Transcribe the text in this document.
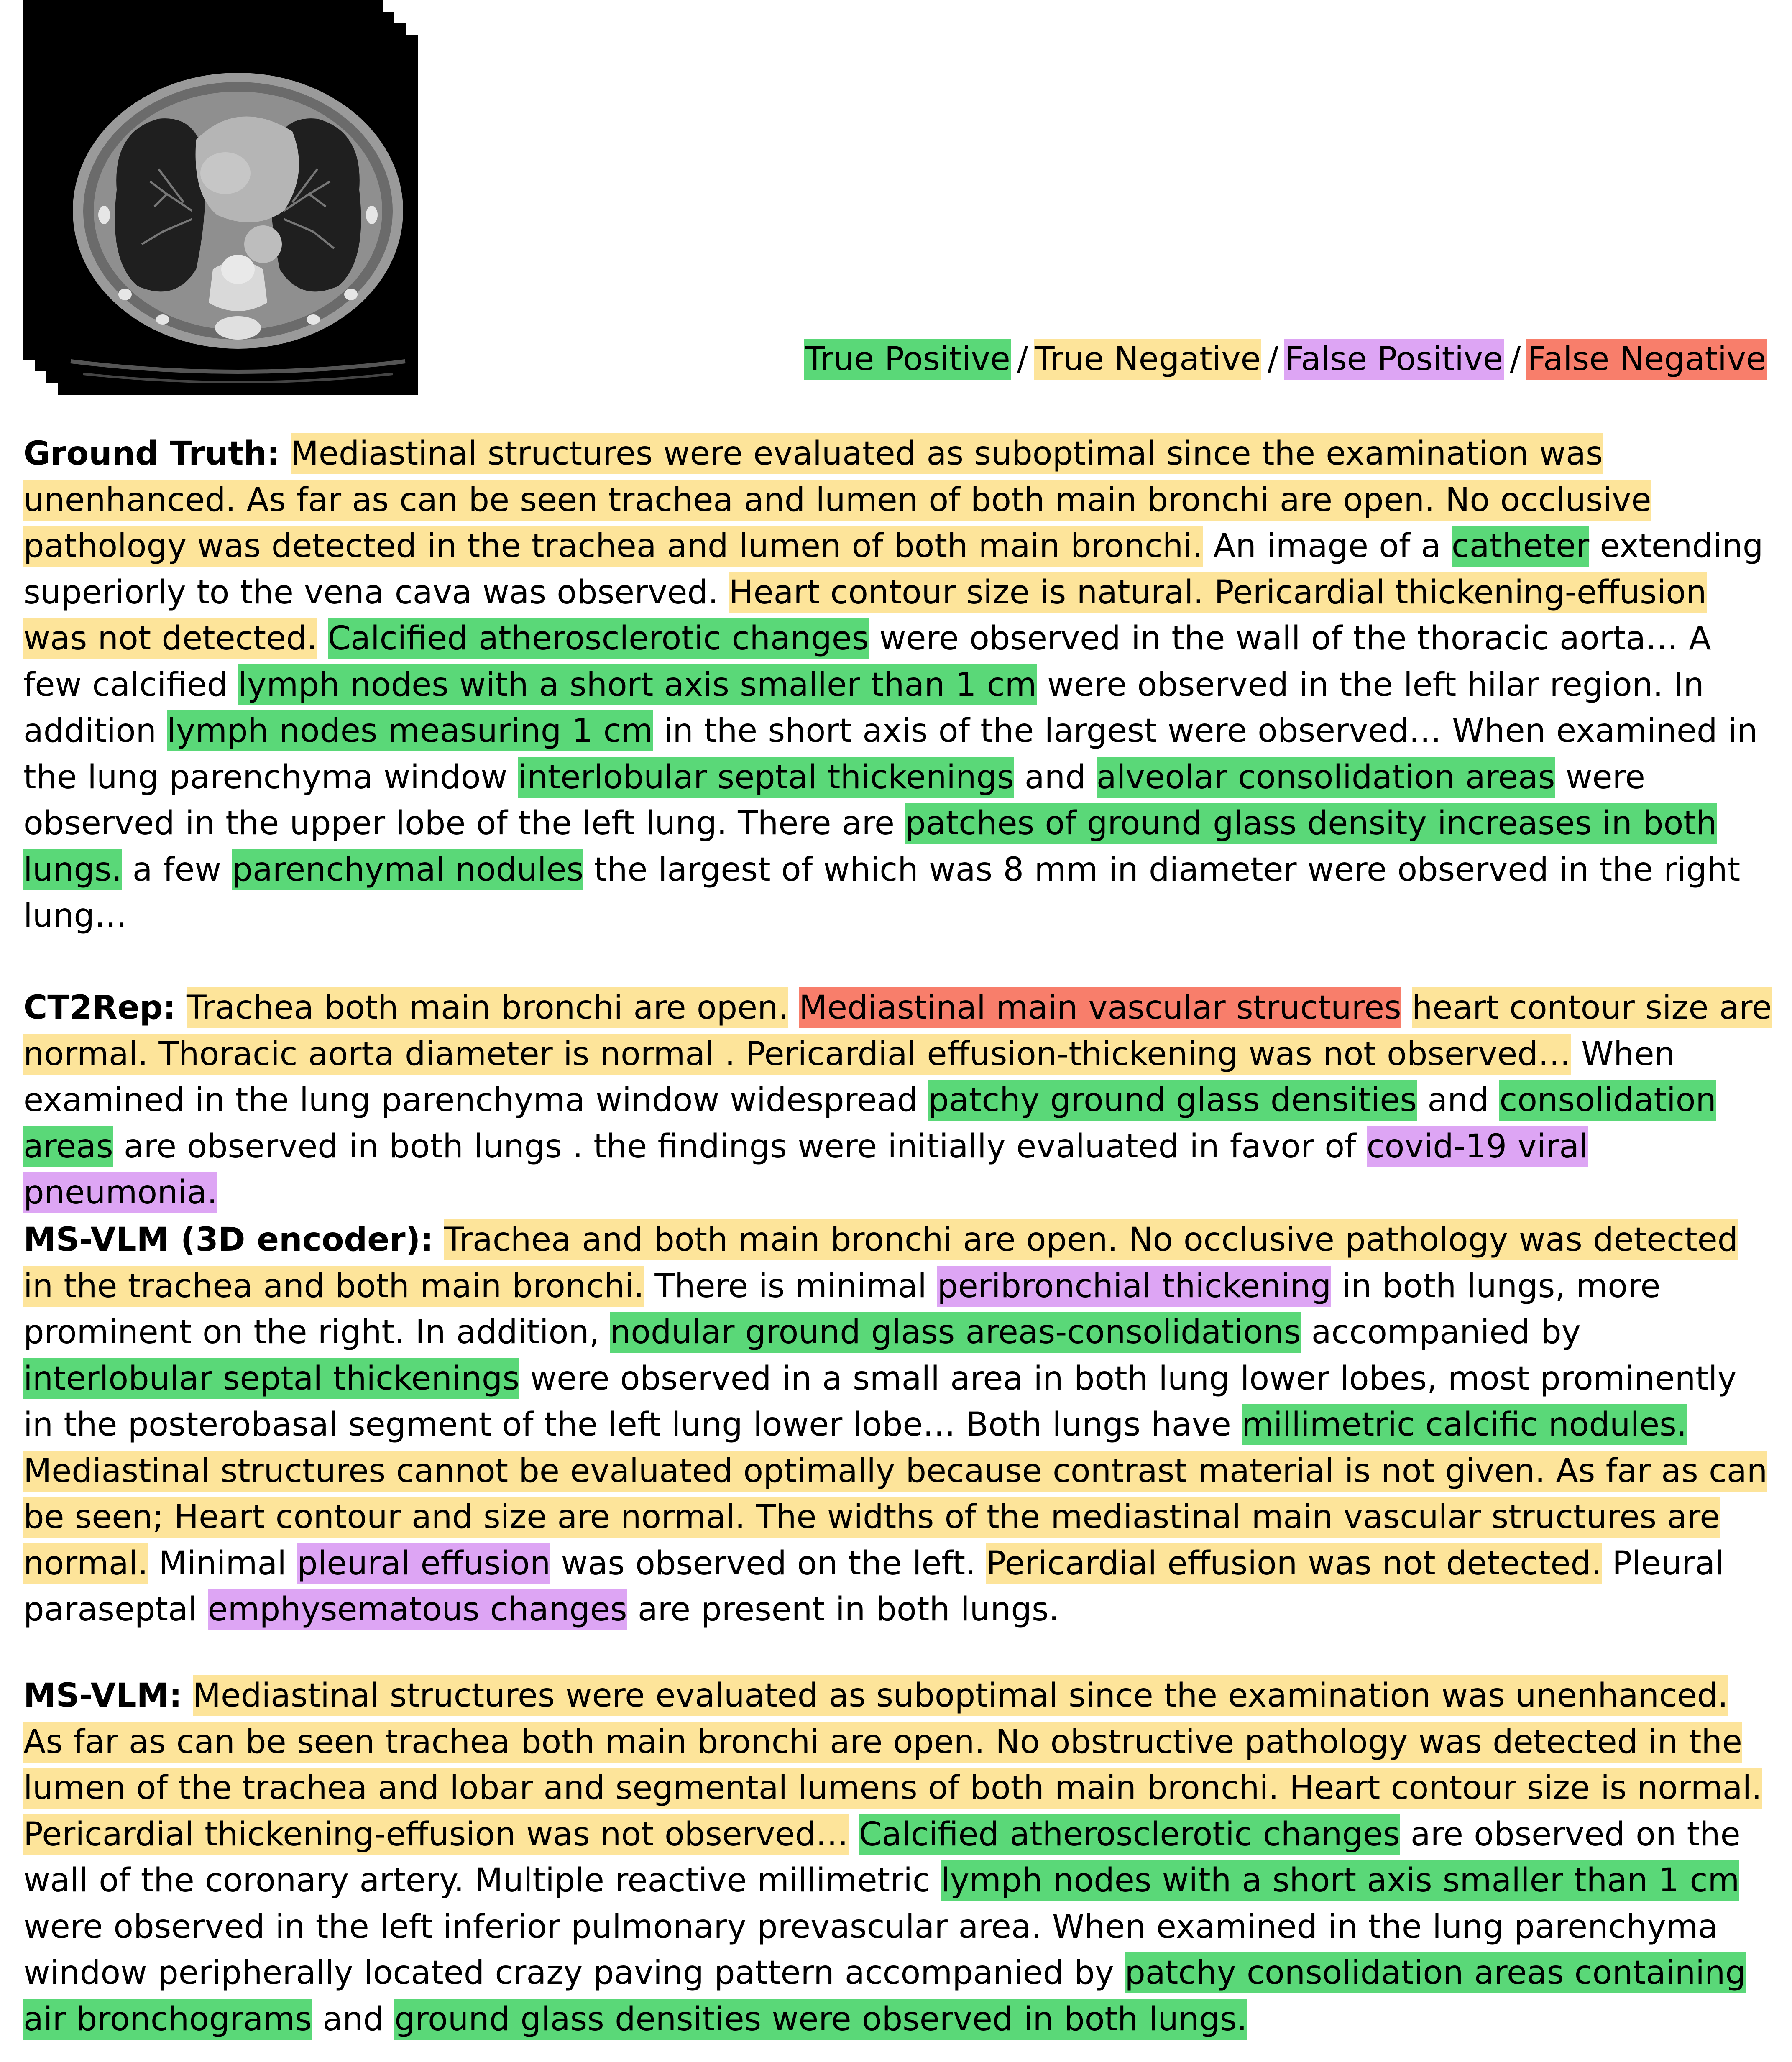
True Positive / True Negative / False Positive / False Negative

Ground Truth: Mediastinal structures were evaluated as suboptimal since the examination was unenhanced. As far as can be seen trachea and lumen of both main bronchi are open. No occlusive pathology was detected in the trachea and lumen of both main bronchi. An image of a catheter extending superiorly to the vena cava was observed. Heart contour size is natural. Pericardial thickening-effusion was not detected. Calcified atherosclerotic changes were observed in the wall of the thoracic aorta… A few calcified lymph nodes with a short axis smaller than 1 cm were observed in the left hilar region. In addition lymph nodes measuring 1 cm in the short axis of the largest were observed… When examined in the lung parenchyma window interlobular septal thickenings and alveolar consolidation areas were observed in the upper lobe of the left lung. There are patches of ground glass density increases in both lungs. a few parenchymal nodules the largest of which was 8 mm in diameter were observed in the right lung…

CT2Rep: Trachea both main bronchi are open. Mediastinal main vascular structures heart contour size are normal. Thoracic aorta diameter is normal . Pericardial effusion-thickening was not observed… When examined in the lung parenchyma window widespread patchy ground glass densities and consolidation areas are observed in both lungs . the findings were initially evaluated in favor of covid-19 viral pneumonia.

MS-VLM (3D encoder): Trachea and both main bronchi are open. No occlusive pathology was detected in the trachea and both main bronchi. There is minimal peribronchial thickening in both lungs, more prominent on the right. In addition, nodular ground glass areas-consolidations accompanied by interlobular septal thickenings were observed in a small area in both lung lower lobes, most prominently in the posterobasal segment of the left lung lower lobe… Both lungs have millimetric calcific nodules. Mediastinal structures cannot be evaluated optimally because contrast material is not given. As far as can be seen; Heart contour and size are normal. The widths of the mediastinal main vascular structures are normal. Minimal pleural effusion was observed on the left. Pericardial effusion was not detected. Pleural paraseptal emphysematous changes are present in both lungs.

MS-VLM: Mediastinal structures were evaluated as suboptimal since the examination was unenhanced. As far as can be seen trachea both main bronchi are open. No obstructive pathology was detected in the lumen of the trachea and lobar and segmental lumens of both main bronchi. Heart contour size is normal. Pericardial thickening-effusion was not observed… Calcified atherosclerotic changes are observed on the wall of the coronary artery. Multiple reactive millimetric lymph nodes with a short axis smaller than 1 cm were observed in the left inferior pulmonary prevascular area. When examined in the lung parenchyma window peripherally located crazy paving pattern accompanied by patchy consolidation areas containing air bronchograms and ground glass densities were observed in both lungs.
